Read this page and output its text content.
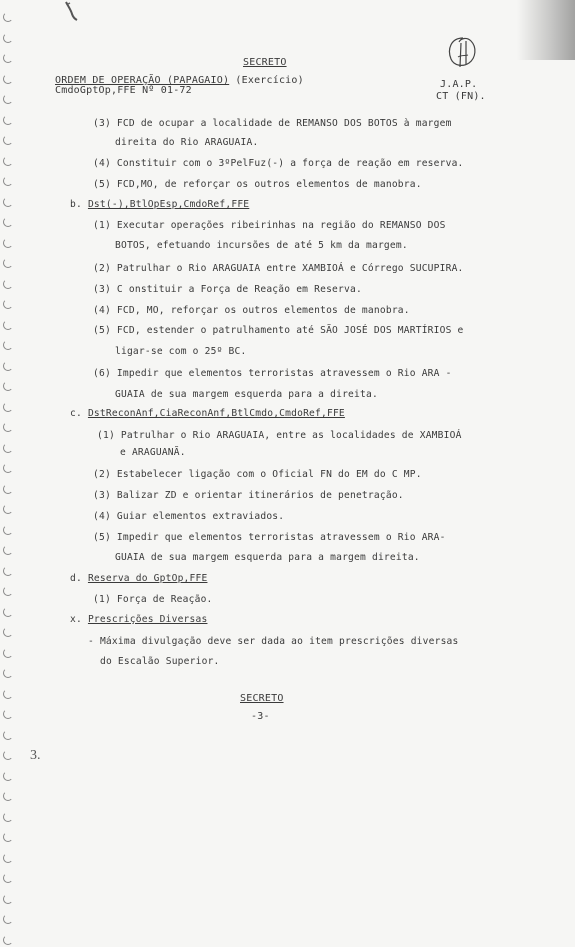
SECRETO
ORDEM DE OPERAÇÃO (PAPAGAIO) (Exercício)
CmdoGptOp,FFE Nº 01-72
J.A.P.
CT (FN).
(3) FCD de ocupar a localidade de REMANSO DOS BOTOS à margem
direita do Rio ARAGUAIA.
(4) Constituir com o 3ºPelFuz(-) a força de reação em reserva.
(5) FCD,MO, de reforçar os outros elementos de manobra.
b. Dst(-),BtlOpEsp,CmdoRef,FFE
(1) Executar operações ribeirinhas na região do REMANSO DOS
BOTOS, efetuando incursões de até 5 km da margem.
(2) Patrulhar o Rio ARAGUAIA entre XAMBIOÁ e Córrego SUCUPIRA.
(3) C onstituir a Força de Reação em Reserva.
(4) FCD, MO, reforçar os outros elementos de manobra.
(5) FCD, estender o patrulhamento até SÃO JOSÉ DOS MARTÍRIOS e
ligar-se com o 25º BC.
(6) Impedir que elementos terroristas atravessem o Rio ARA -
GUAIA de sua margem esquerda para a direita.
c. DstReconAnf,CiaReconAnf,BtlCmdo,CmdoRef,FFE
(1) Patrulhar o Rio ARAGUAIA, entre as localidades de XAMBIOÁ
e ARAGUANÃ.
(2) Estabelecer ligação com o Oficial FN do EM do C MP.
(3) Balizar ZD e orientar itinerários de penetração.
(4) Guiar elementos extraviados.
(5) Impedir que elementos terroristas atravessem o Rio ARA-
GUAIA de sua margem esquerda para a margem direita.
d. Reserva do GptOp,FFE
(1) Força de Reação.
x. Prescrições Diversas
- Máxima divulgação deve ser dada ao item prescrições diversas
do Escalão Superior.
SECRETO
-3-
3.
